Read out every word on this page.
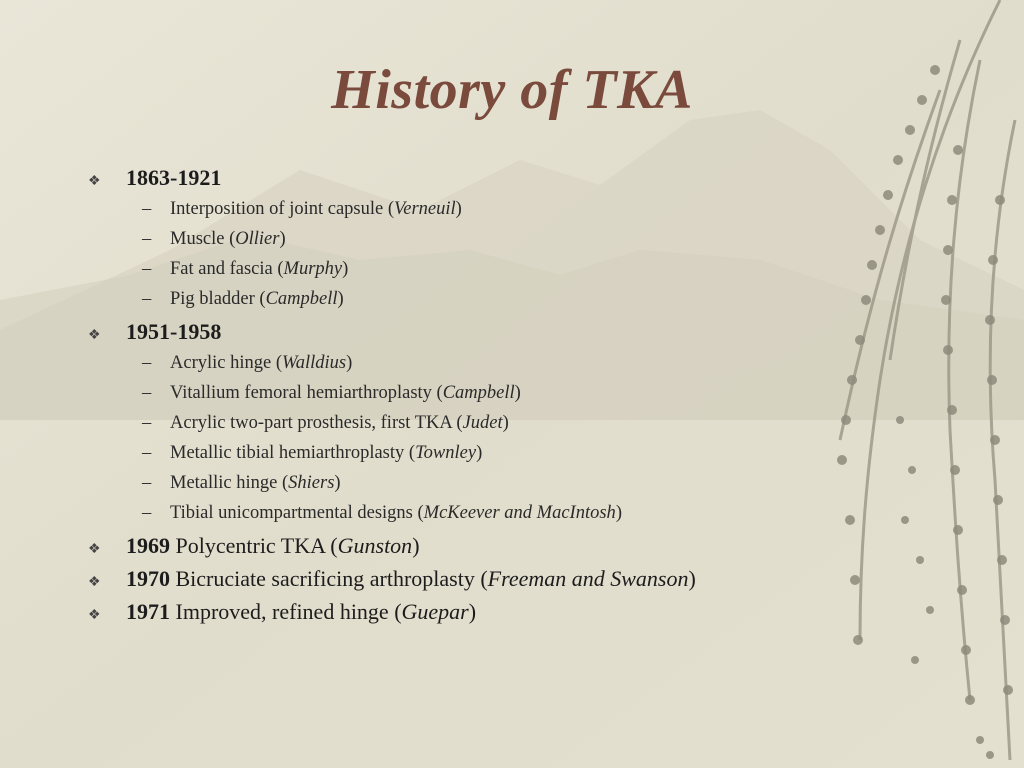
History of TKA
❖	1863-1921
–	Interposition of joint capsule ( Verneuil )
–	Muscle ( Ollier )
–	Fat and fascia ( Murphy )
–	Pig bladder ( Campbell )
❖	1951-1958
–	Acrylic hinge ( Walldius )
–	Vitallium femoral hemiarthroplasty ( Campbell )
–	Acrylic two-part prosthesis, first TKA ( Judet )
–	Metallic tibial hemiarthroplasty ( Townley )
–	Metallic hinge ( Shiers )
–	Tibial unicompartmental designs ( McKeever and MacIntosh )
❖	1969 Polycentric TKA (Gunston)
❖	1970 Bicruciate sacrificing arthroplasty (Freeman and Swanson)
❖	1971 Improved, refined hinge (Guepar)
